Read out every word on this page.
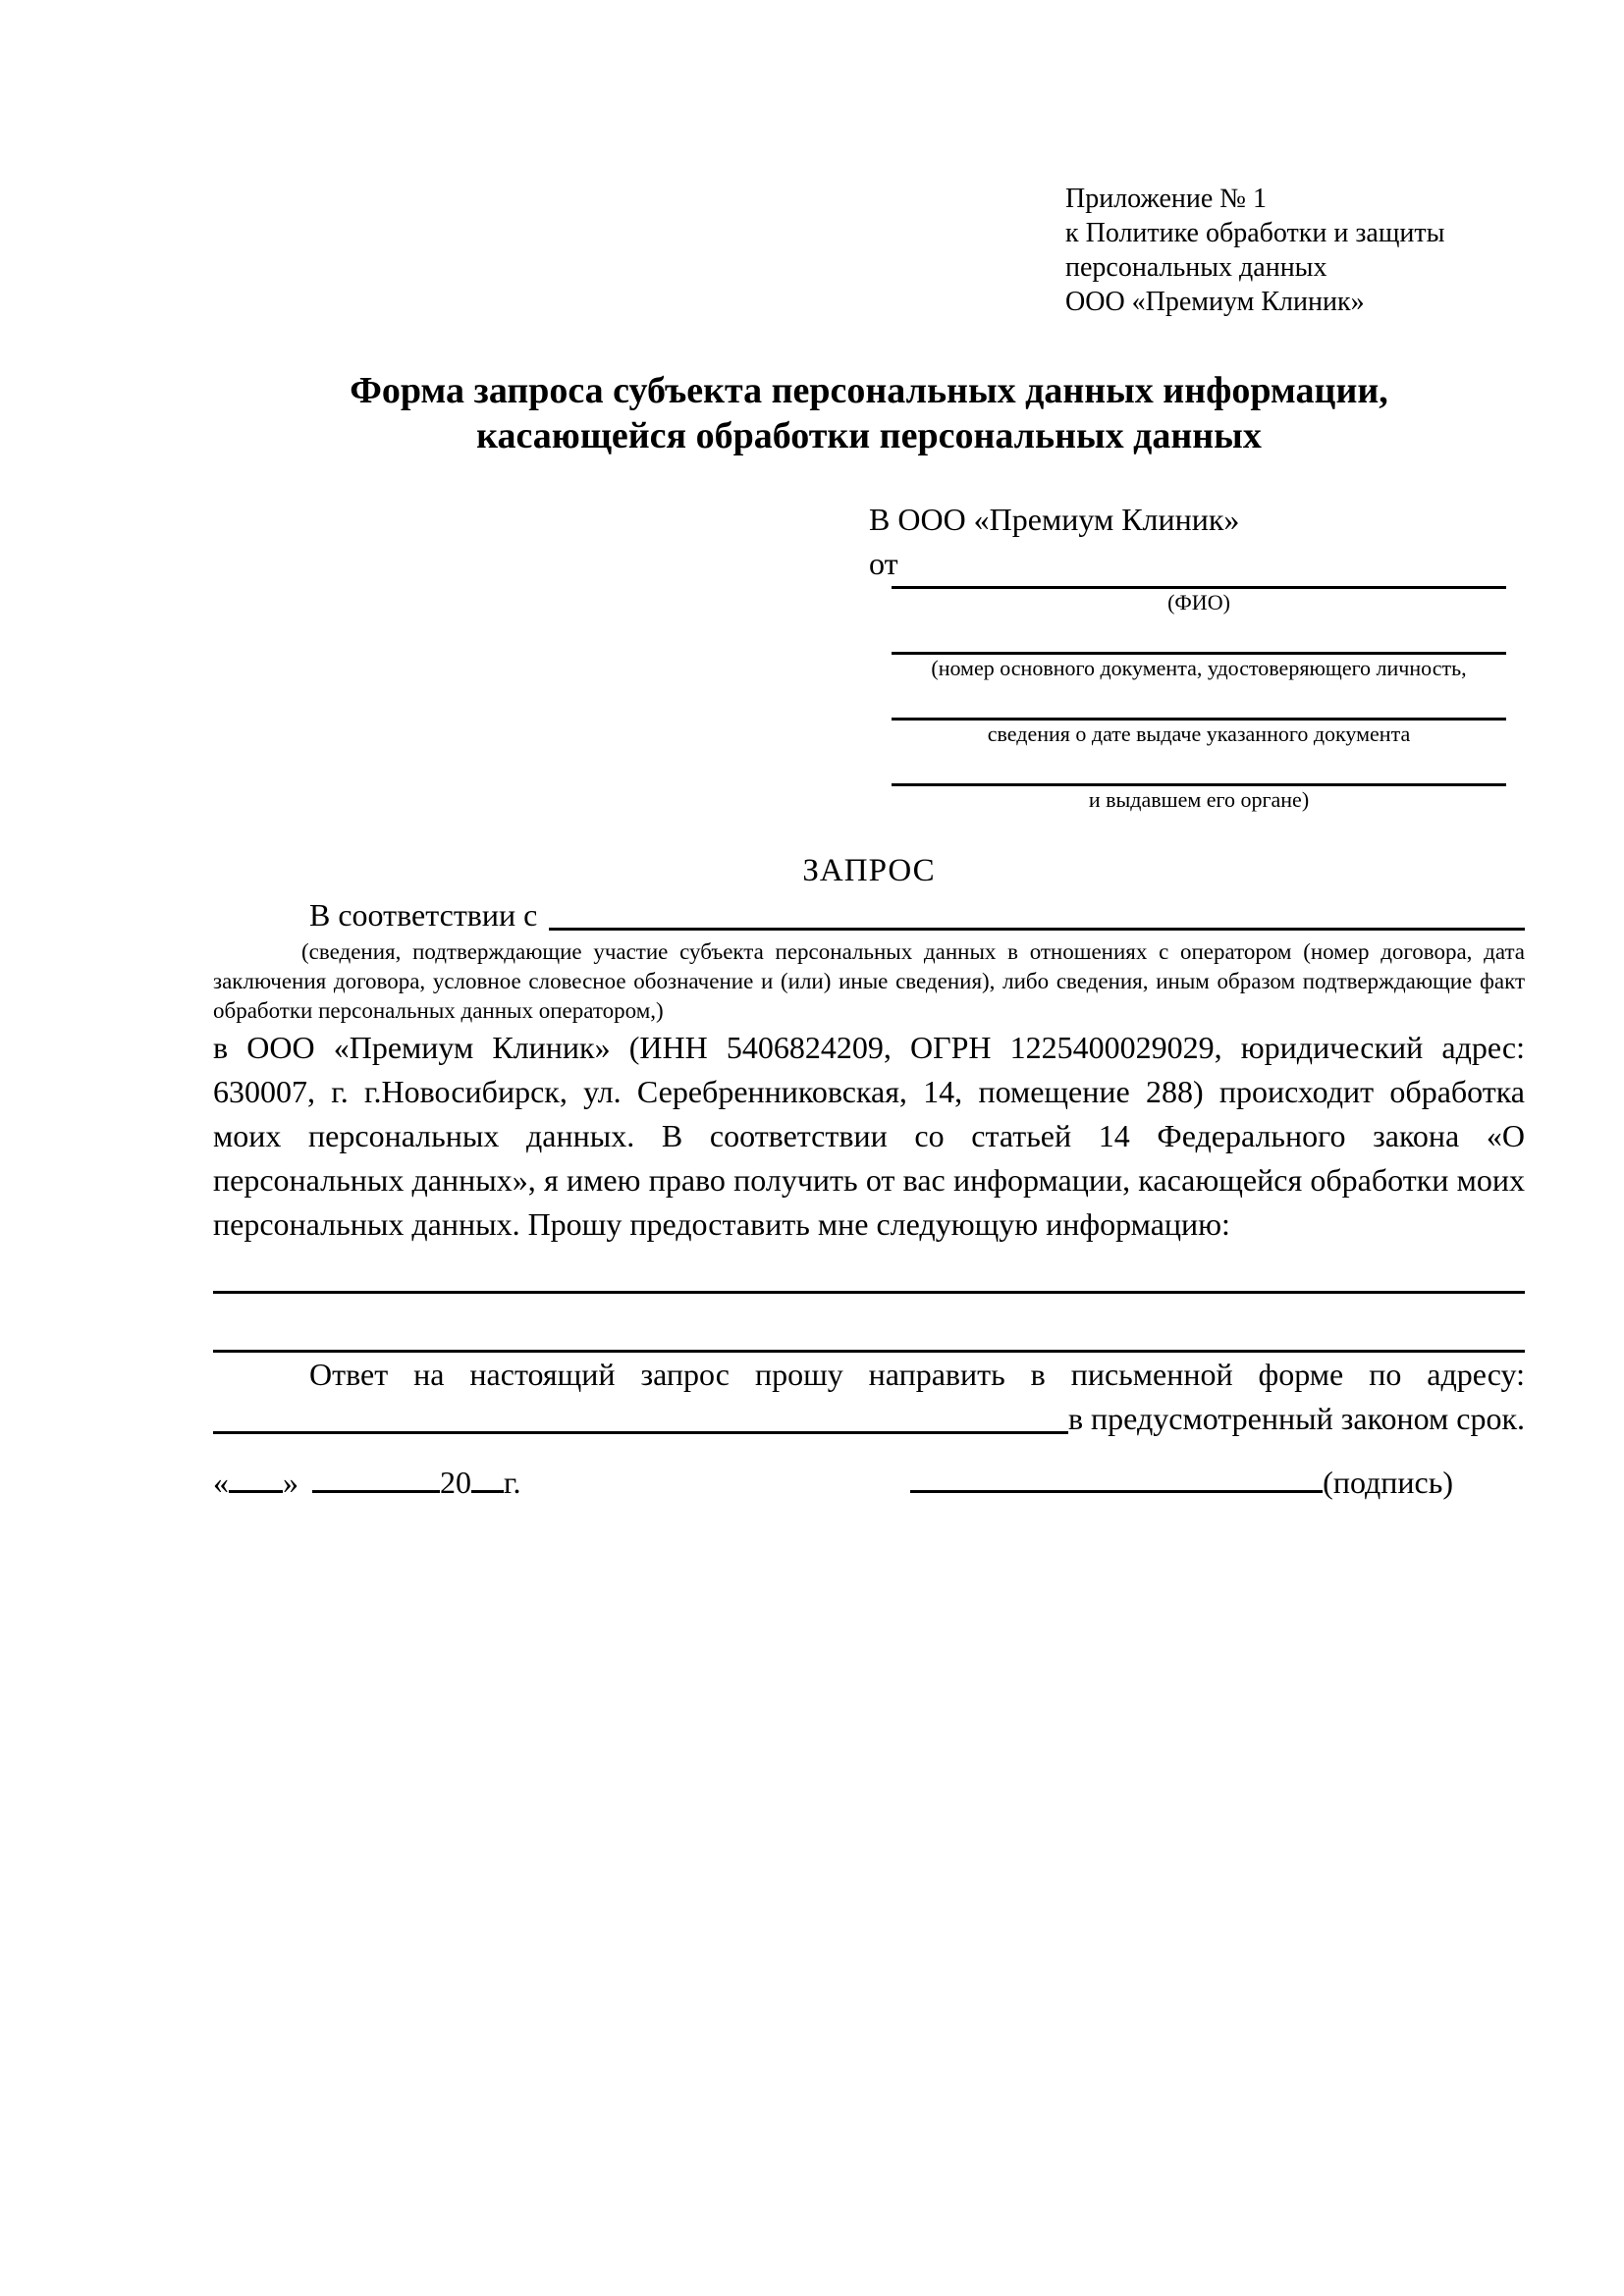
Приложение № 1
к Политике обработки и защиты
персональных данных
ООО «Премиум Клиник»
Форма запроса субъекта персональных данных информации,
касающейся обработки персональных данных
В ООО «Премиум Клиник»
от
(ФИО)
(номер основного документа, удостоверяющего личность,
сведения о дате выдаче указанного документа
и выдавшем его органе)
ЗАПРОС
В соответствии с
(сведения, подтверждающие участие субъекта персональных данных в отношениях с оператором (номер договора, дата заключения договора, условное словесное обозначение и (или) иные сведения), либо сведения, иным образом подтверждающие факт обработки персональных данных оператором,)
в ООО «Премиум Клиник» (ИНН 5406824209, ОГРН 1225400029029, юридический адрес: 630007, г. г.Новосибирск, ул. Серебренниковская, 14, помещение 288) происходит обработка моих персональных данных. В соответствии со статьей 14 Федерального закона «О персональных данных», я имею право получить от вас информации, касающейся обработки моих персональных данных. Прошу предоставить мне следующую информацию:
Ответ на настоящий запрос прошу направить в письменной форме по адресу:
в предусмотренный законом срок.
« »	20 г.	(подпись)
